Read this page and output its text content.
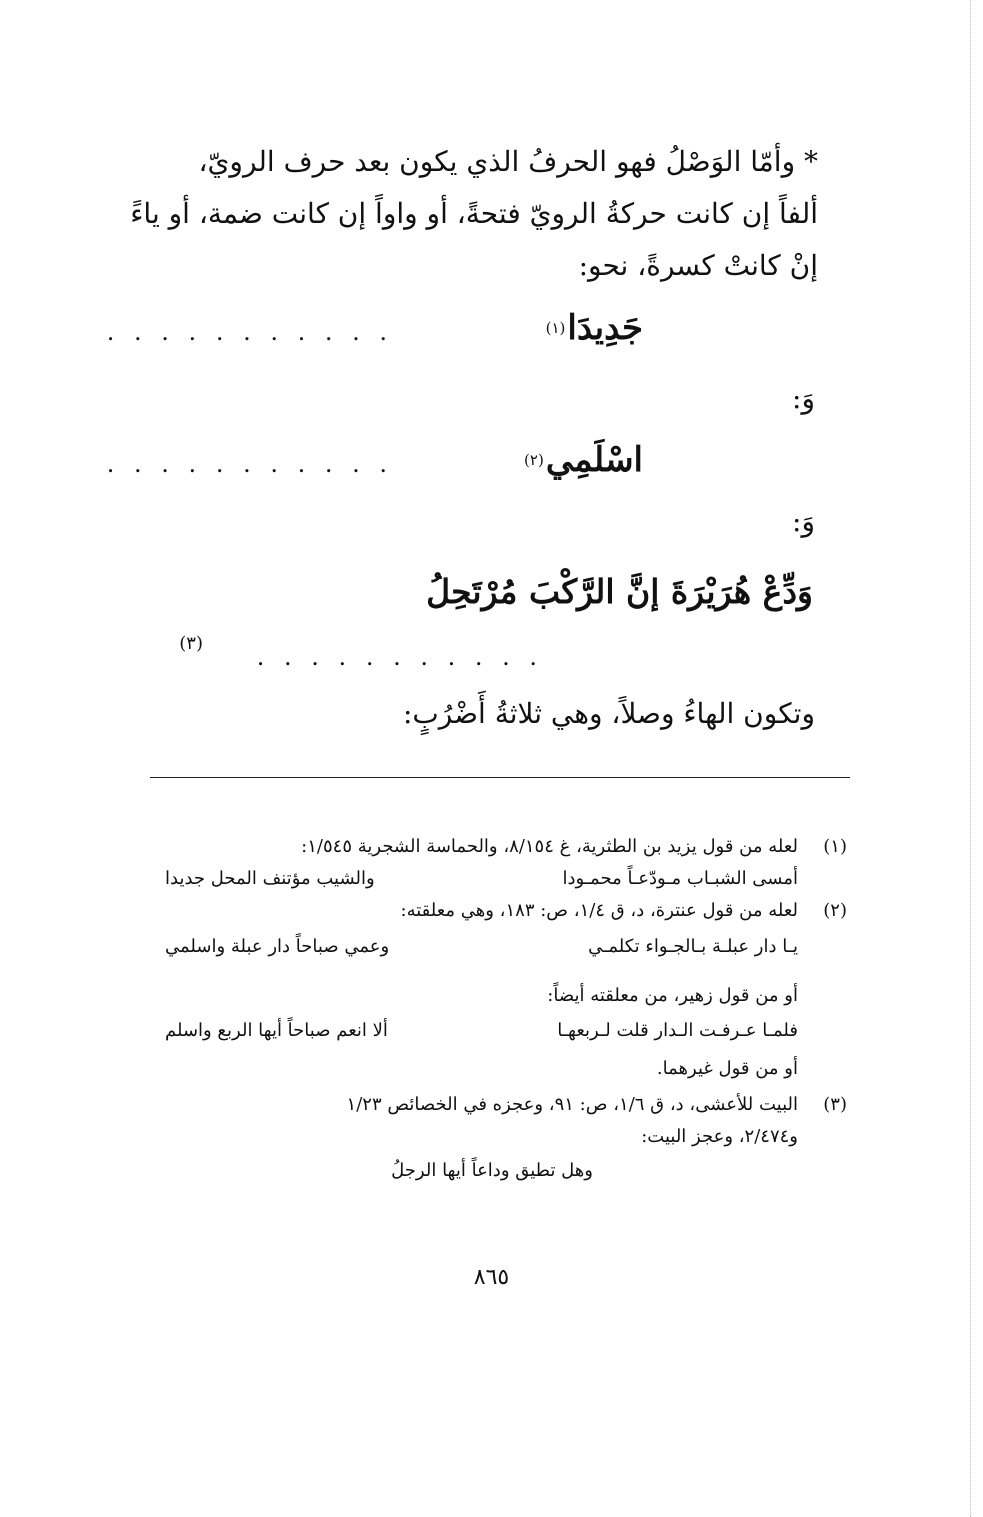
* وأمّا الوَصْلُ فهو الحرفُ الذي يكون بعد حرف الرويّ،
ألفاً إن كانت حركةُ الرويّ فتحةً، أو واواً إن كانت ضمة، أو ياءً
إنْ كانتْ كسرةً، نحو:
جَدِيدَا(١)
. . . . . . . . . . .
وَ:
اسْلَمِي(٢)
. . . . . . . . . . .
وَ:
وَدِّعْ هُرَيْرَةَ إنَّ الرَّكْبَ مُرْتَحِلُ
. . . . . . . . . . .
(٣)
وتكون الهاءُ وصلاً، وهي ثلاثةُ أَضْرُبٍ:
(١)
لعله من قول يزيد بن الطثرية، غ ٨/١٥٤، والحماسة الشجرية ١/٥٤٥:
أمسى الشبـاب مـودّعـاً محمـودا
والشيب مؤتنف المحل جديدا
(٢)
لعله من قول عنترة، د، ق ١/٤، ص: ١٨٣، وهي معلقته:
يـا دار عبلـة بـالجـواء تكلمـي
وعمي صباحاً دار عبلة واسلمي
أو من قول زهير، من معلقته أيضاً:
فلمـا عـرفـت الـدار قلت لـربعهـا
ألا انعم صباحاً أيها الربع واسلم
أو من قول غيرهما.
(٣)
البيت للأعشى، د، ق ١/٦، ص: ٩١، وعجزه في الخصائص ١/٢٣
و٢/٤٧٤، وعجز البيت:
وهل تطيق وداعاً أيها الرجلُ
٨٦٥
